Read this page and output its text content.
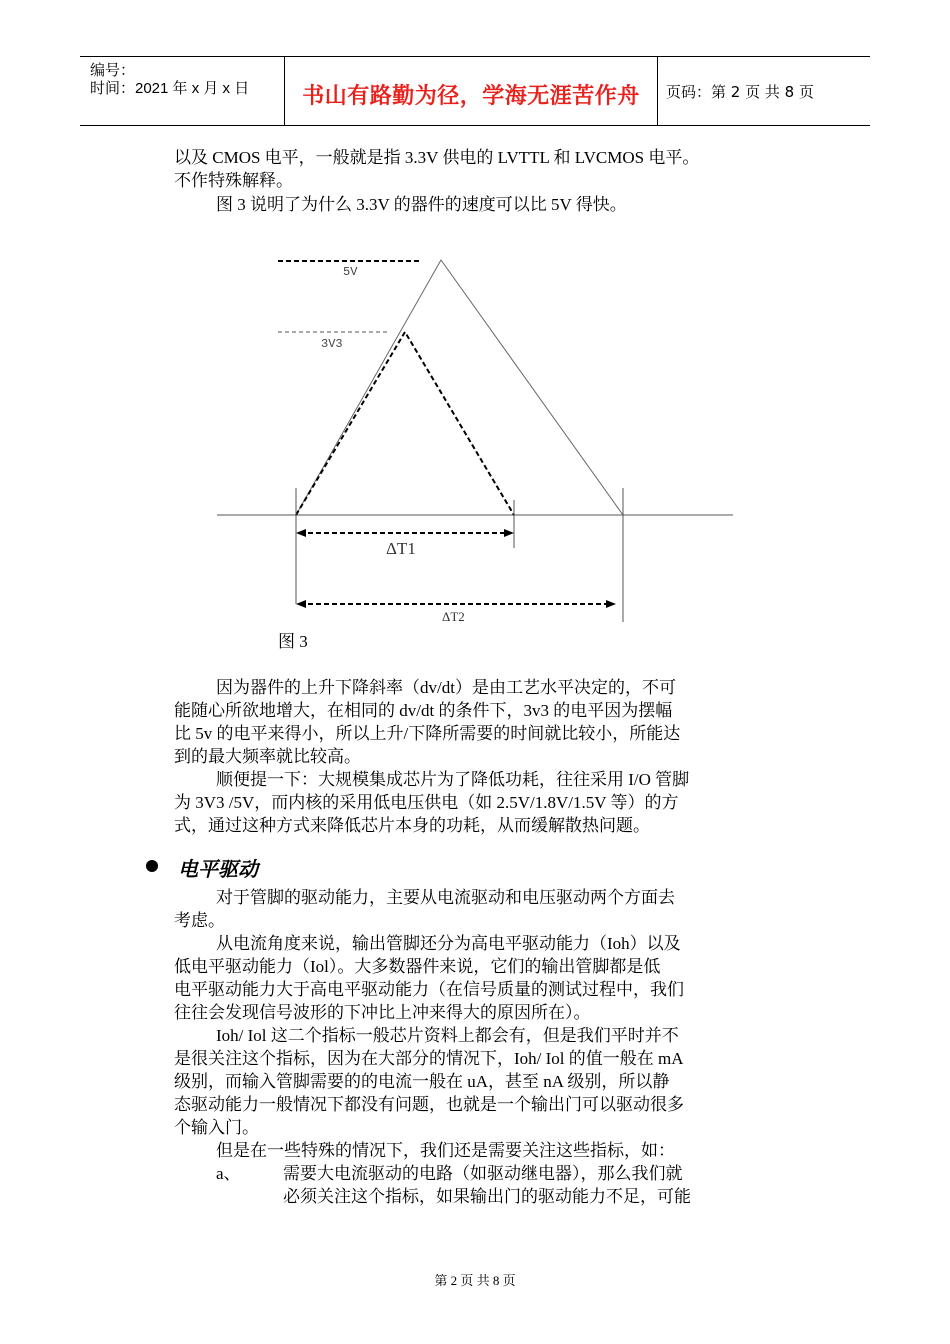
编号：
时间：2021 年 x 月 x 日	书山有路勤为径，学海无涯苦作舟	页码：第 2 页 共 8 页
以及 CMOS 电平，一般就是指 3.3V 供电的 LVTTL 和 LVCMOS 电平。
不作特殊解释。
图 3 说明了为什么 3.3V 的器件的速度可以比 5V 得快。
5V
3V3
ΔT1
ΔT2
图 3
因为器件的上升下降斜率（dv/dt）是由工艺水平决定的，不可
能随心所欲地增大，在相同的 dv/dt 的条件下，3v3 的电平因为摆幅
比 5v 的电平来得小，所以上升/下降所需要的时间就比较小，所能达
到的最大频率就比较高。
顺便提一下：大规模集成芯片为了降低功耗，往往采用 I/O 管脚
为 3V3 /5V，而内核的采用低电压供电（如 2.5V/1.8V/1.5V 等）的方
式，通过这种方式来降低芯片本身的功耗，从而缓解散热问题。
电平驱动
对于管脚的驱动能力，主要从电流驱动和电压驱动两个方面去
考虑。
从电流角度来说，输出管脚还分为高电平驱动能力（Ioh）以及
低电平驱动能力（Iol）。大多数器件来说，它们的输出管脚都是低
电平驱动能力大于高电平驱动能力（在信号质量的测试过程中，我们
往往会发现信号波形的下冲比上冲来得大的原因所在）。
Ioh/ Iol 这二个指标一般芯片资料上都会有，但是我们平时并不
是很关注这个指标，因为在大部分的情况下，Ioh/ Iol 的值一般在 mA
级别，而输入管脚需要的的电流一般在 uA，甚至 nA 级别，所以静
态驱动能力一般情况下都没有问题，也就是一个输出门可以驱动很多
个输入门。
但是在一些特殊的情况下，我们还是需要关注这些指标，如：
a、 需要大电流驱动的电路（如驱动继电器），那么我们就
必须关注这个指标，如果输出门的驱动能力不足，可能
第 2 页 共 8 页
